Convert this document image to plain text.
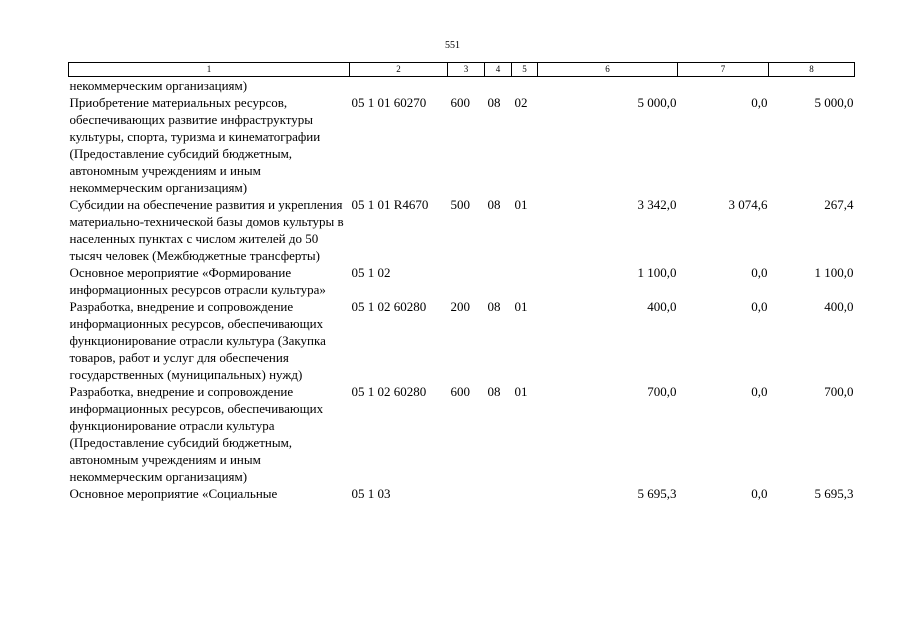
551
1	2	3	4	5	6	7	8
некоммерческим организациям)							
Приобретение материальных ресурсов, обеспечивающих развитие инфраструктуры культуры, спорта, туризма и кинематографии (Предоставление субсидий бюджетным, автономным учреждениям и иным некоммерческим организациям)	05 1 01 60270	600	08	02	5 000,0	0,0	5 000,0
Субсидии на обеспечение развития и укрепления материально-технической базы домов культуры в населенных пунктах с числом жителей до 50 тысяч человек (Межбюджетные трансферты)	05 1 01 R4670	500	08	01	3 342,0	3 074,6	267,4
Основное мероприятие «Формирование информационных ресурсов отрасли культура»	05 1 02				1 100,0	0,0	1 100,0
Разработка, внедрение и сопровождение информационных ресурсов, обеспечивающих функционирование отрасли культура (Закупка товаров, работ и услуг для обеспечения государственных (муниципальных) нужд)	05 1 02 60280	200	08	01	400,0	0,0	400,0
Разработка, внедрение и сопровождение информационных ресурсов, обеспечивающих функционирование отрасли культура (Предоставление субсидий бюджетным, автономным учреждениям и иным некоммерческим организациям)	05 1 02 60280	600	08	01	700,0	0,0	700,0
Основное мероприятие «Социальные	05 1 03				5 695,3	0,0	5 695,3
